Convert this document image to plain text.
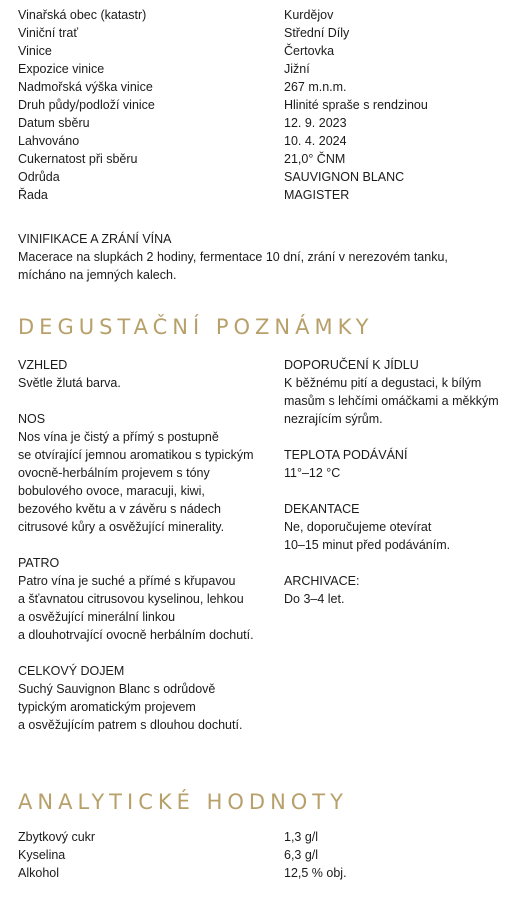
Vinařská obec (katastr)	Kurdějov
Viniční trať	Střední Díly
Vinice	Čertovka
Expozice vinice	Jižní
Nadmořská výška vinice	267 m.n.m.
Druh půdy/podloží vinice	Hlinité spraše s rendzinou
Datum sběru	12. 9. 2023
Lahvováno	10. 4. 2024
Cukernatost při sběru	21,0° ČNM
Odrůda	SAUVIGNON BLANC
Řada	MAGISTER
VINIFIKACE A ZRÁNÍ VÍNA
Macerace na slupkách 2 hodiny, fermentace 10 dní, zrání v nerezovém tanku,
mícháno na jemných kalech.
DEGUSTAČNÍ POZNÁMKY
VZHLED
Světle žlutá barva.
NOS
Nos vína je čistý a přímý s postupně
se otvírající jemnou aromatikou s typickým
ovocně-herbálním projevem s tóny
bobulového ovoce, maracuji, kiwi,
bezového květu a v závěru s nádech
citrusové kůry a osvěžující minerality.
PATRO
Patro vína je suché a přímé s křupavou
a šťavnatou citrusovou kyselinou, lehkou
a osvěžující minerální linkou
a dlouhotrvající ovocně herbálním dochutí.
CELKOVÝ DOJEM
Suchý Sauvignon Blanc s odrůdově
typickým aromatickým projevem
a osvěžujícím patrem s dlouhou dochutí.
DOPORUČENÍ K JÍDLU
K běžnému pití a degustaci, k bílým
masům s lehčími omáčkami a měkkým
nezrajícím sýrům.
TEPLOTA PODÁVÁNÍ
11°–12 °C
DEKANTACE
Ne, doporučujeme otevírat
10–15 minut před podáváním.
ARCHIVACE:
Do 3–4 let.
ANALYTICKÉ HODNOTY
Zbytkový cukr	1,3 g/l
Kyselina	6,3 g/l
Alkohol	12,5 % obj.
